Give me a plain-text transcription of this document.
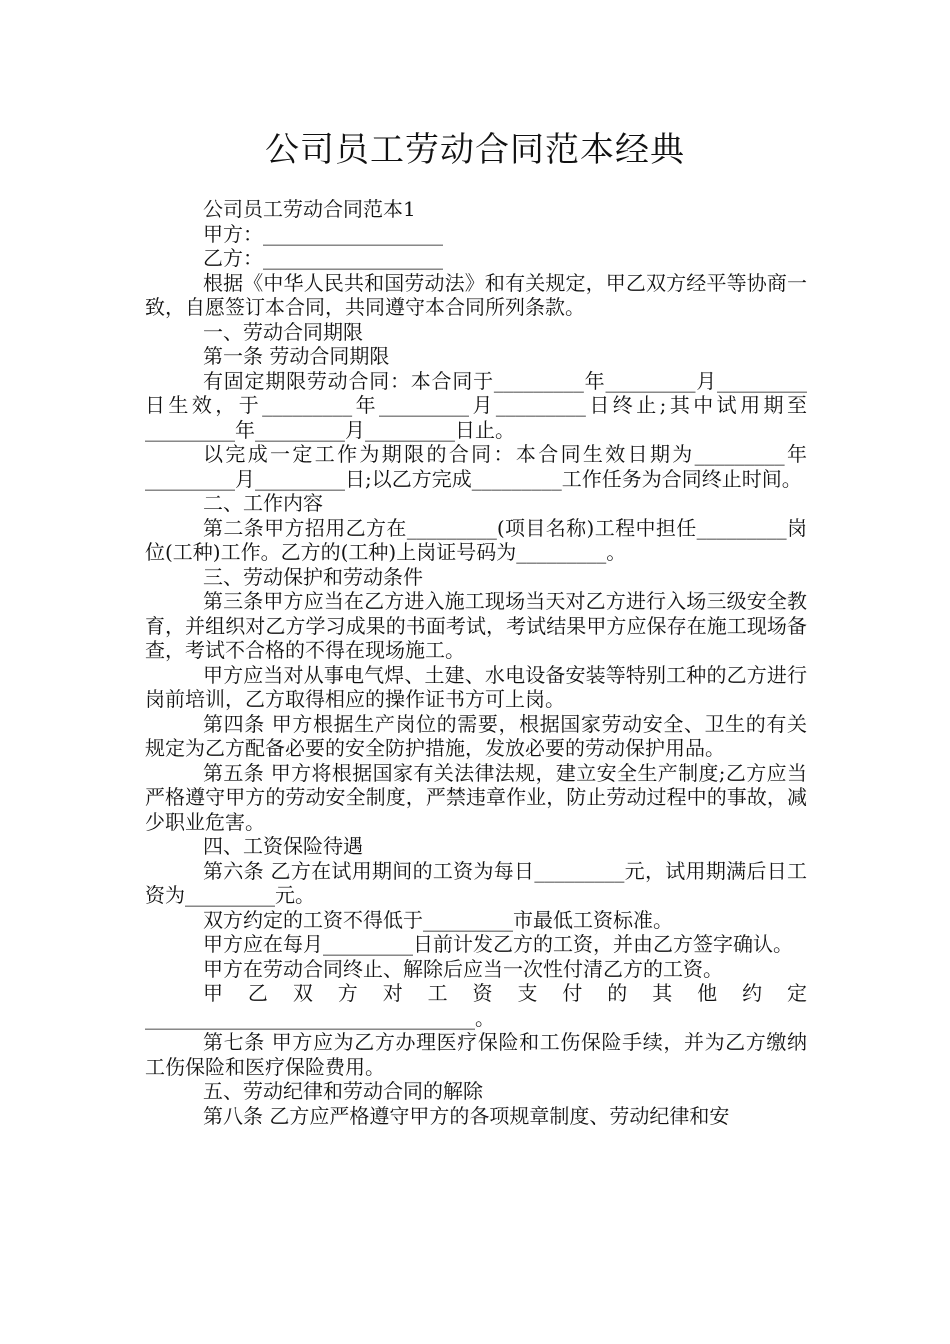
公司员工劳动合同范本经典

公司员工劳动合同范本1

甲方：__________________

乙方：__________________

根据《中华人民共和国劳动法》和有关规定，甲乙双方经平等协商一致，自愿签订本合同，共同遵守本合同所列条款。

一、劳动合同期限

第一条 劳动合同期限

有固定期限劳动合同：本合同于_________年_________月_________日生效，于_________年_________月_________日终止;其中试用期至_________年_________月_________日止。

以完成一定工作为期限的合同：本合同生效日期为_________年_________月_________日;以乙方完成_________工作任务为合同终止时间。

二、工作内容

第二条甲方招用乙方在_________(项目名称)工程中担任_________岗位(工种)工作。乙方的(工种)上岗证号码为_________。

三、劳动保护和劳动条件

第三条甲方应当在乙方进入施工现场当天对乙方进行入场三级安全教育，并组织对乙方学习成果的书面考试，考试结果甲方应保存在施工现场备查，考试不合格的不得在现场施工。

甲方应当对从事电气焊、土建、水电设备安装等特别工种的乙方进行岗前培训，乙方取得相应的操作证书方可上岗。

第四条 甲方根据生产岗位的需要，根据国家劳动安全、卫生的有关规定为乙方配备必要的安全防护措施，发放必要的劳动保护用品。

第五条 甲方将根据国家有关法律法规，建立安全生产制度;乙方应当严格遵守甲方的劳动安全制度，严禁违章作业，防止劳动过程中的事故，减少职业危害。

四、工资保险待遇

第六条 乙方在试用期间的工资为每日_________元，试用期满后日工资为_________元。

双方约定的工资不得低于_________市最低工资标准。

甲方应在每月_________日前计发乙方的工资，并由乙方签字确认。

甲方在劳动合同终止、解除后应当一次性付清乙方的工资。

甲乙双方对工资支付的其他约定_________________________________。

第七条 甲方应为乙方办理医疗保险和工伤保险手续，并为乙方缴纳工伤保险和医疗保险费用。

五、劳动纪律和劳动合同的解除

第八条 乙方应严格遵守甲方的各项规章制度、劳动纪律和安
